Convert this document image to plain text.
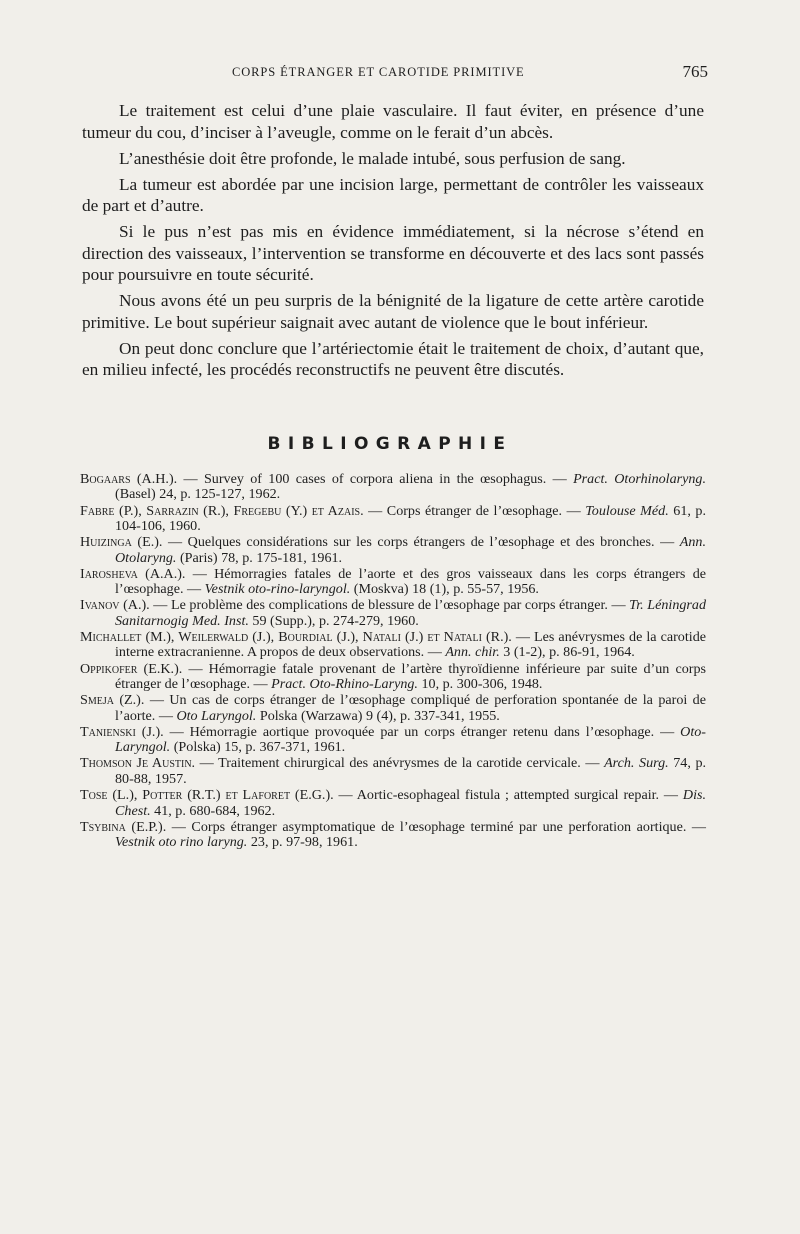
CORPS ÉTRANGER ET CAROTIDE PRIMITIVE	765

Le traitement est celui d’une plaie vasculaire. Il faut éviter, en présence d’une tumeur du cou, d’inciser à l’aveugle, comme on le ferait d’un abcès.

L’anesthésie doit être profonde, le malade intubé, sous perfusion de sang.

La tumeur est abordée par une incision large, permettant de contrôler les vaisseaux de part et d’autre.

Si le pus n’est pas mis en évidence immédiatement, si la nécrose s’étend en direction des vaisseaux, l’intervention se transforme en découverte et des lacs sont passés pour poursuivre en toute sécurité.

Nous avons été un peu surpris de la bénignité de la ligature de cette artère carotide primitive. Le bout supérieur saignait avec autant de violence que le bout inférieur.

On peut donc conclure que l’artériectomie était le traitement de choix, d’autant que, en milieu infecté, les procédés reconstructifs ne peuvent être discutés.

BIBLIOGRAPHIE

Bogaars (A.H.). — Survey of 100 cases of corpora aliena in the œsophagus. — Pract. Otorhinolaryng. (Basel) 24, p. 125-127, 1962.

Fabre (P.), Sarrazin (R.), Fregebu (Y.) et Azais. — Corps étranger de l’œsophage. — Toulouse Méd. 61, p. 104-106, 1960.

Huizinga (E.). — Quelques considérations sur les corps étrangers de l’œsophage et des bronches. — Ann. Otolaryng. (Paris) 78, p. 175-181, 1961.

Iarosheva (A.A.). — Hémorragies fatales de l’aorte et des gros vaisseaux dans les corps étrangers de l’œsophage. — Vestnik oto-rino-laryngol. (Moskva) 18 (1), p. 55-57, 1956.

Ivanov (A.). — Le problème des complications de blessure de l’œsophage par corps étranger. — Tr. Léningrad Sanitarnogig Med. Inst. 59 (Supp.), p. 274-279, 1960.

Michallet (M.), Weilerwald (J.), Bourdial (J.), Natali (J.) et Natali (R.). — Les anévrysmes de la carotide interne extracranienne. A propos de deux observations. — Ann. chir. 3 (1-2), p. 86-91, 1964.

Oppikofer (E.K.). — Hémorragie fatale provenant de l’artère thyroïdienne inférieure par suite d’un corps étranger de l’œsophage. — Pract. Oto-Rhino-Laryng. 10, p. 300-306, 1948.

Smeja (Z.). — Un cas de corps étranger de l’œsophage compliqué de perforation spontanée de la paroi de l’aorte. — Oto Laryngol. Polska (Warzawa) 9 (4), p. 337-341, 1955.

Tanienski (J.). — Hémorragie aortique provoquée par un corps étranger retenu dans l’œsophage. — Oto-Laryngol. (Polska) 15, p. 367-371, 1961.

Thomson Je Austin. — Traitement chirurgical des anévrysmes de la carotide cervicale. — Arch. Surg. 74, p. 80-88, 1957.

Tose (L.), Potter (R.T.) et Laforet (E.G.). — Aortic-esophageal fistula ; attempted surgical repair. — Dis. Chest. 41, p. 680-684, 1962.

Tsybina (E.P.). — Corps étranger asymptomatique de l’œsophage terminé par une perforation aortique. — Vestnik oto rino laryng. 23, p. 97-98, 1961.
